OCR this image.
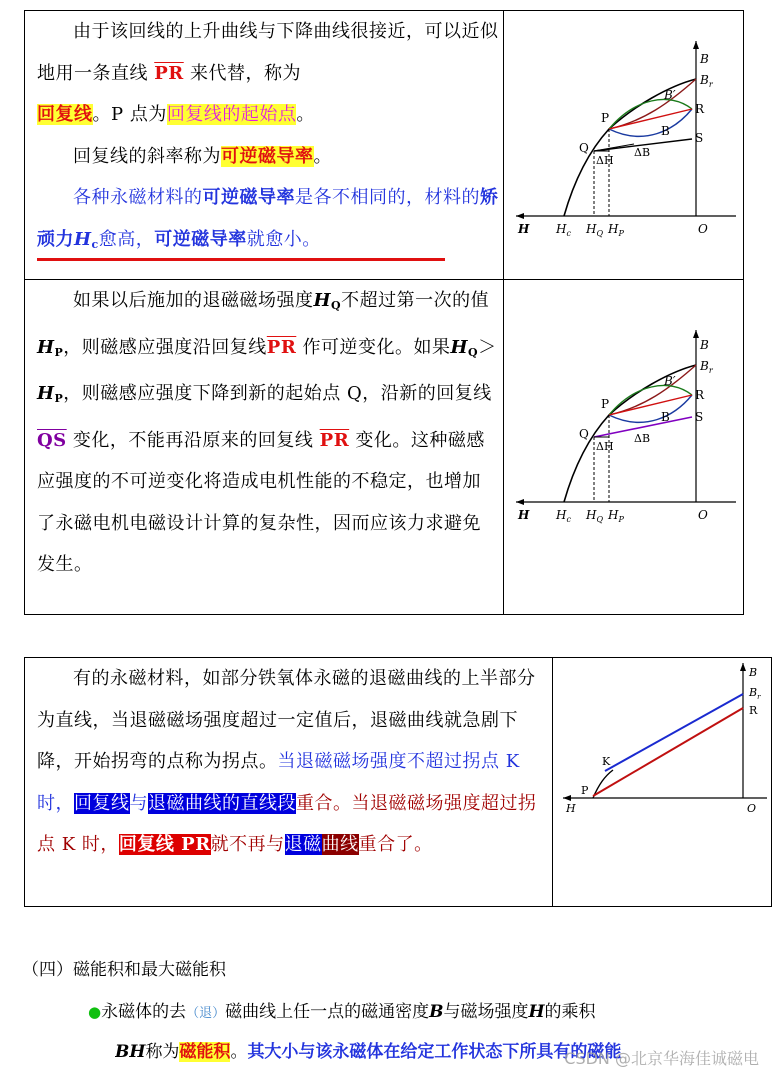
由于该回线的上升曲线与下降曲线很接近，可以近似地用一条直线 $\overline{PR}$ 来代替，称为
回复线。P 点为回复线的起始点。

回复线的斜率称为可逆磁导率。

各种永磁材料的可逆磁导率是各不相同的，材料的矫顽力$H_c$愈高，可逆磁导率就愈小。

B
$B_r$
B′
R
P
B S
Q
ΔH
ΔB
H $H_c$ $H_Q$ $H_P$	O

如果以后施加的退磁磁场强度$H_Q$不超过第一次的值$H_P$，则磁感应强度沿回复线$\overline{PR}$ 作可逆变化。如果$H_Q>H_P$，则磁感应强度下降到新的起始点 Q，沿新的回复线 $\overline{QS}$ 变化，不能再沿原来的回复线 $\overline{PR}$ 变化。这种磁感应强度的不可逆变化将造成电机性能的不稳定，也增加了永磁电机电磁设计计算的复杂性，因而应该力求避免发生。

B
$B_r$
B′
R
P
B S
Q
ΔH
ΔB
H $H_c$ $H_Q$ $H_P$	O

有的永磁材料，如部分铁氧体永磁的退磁曲线的上半部分为直线，当退磁磁场强度超过一定值后，退磁曲线就急剧下降，开始拐弯的点称为拐点。当退磁磁场强度不超过拐点 K 时，回复线与退磁曲线的直线段重合。当退磁磁场强度超过拐点 K 时，回复线 PR就不再与退磁曲线重合了。

B
$B_r$
R
K
P
H	O
（四）磁能积和最大磁能积
●永磁体的去（退）磁曲线上任一点的磁通密度B与磁场强度H的乘积
BH称为磁能积。其大小与该永磁体在给定工作状态下所具有的磁能
CSDN @北京华海佳诚磁电
